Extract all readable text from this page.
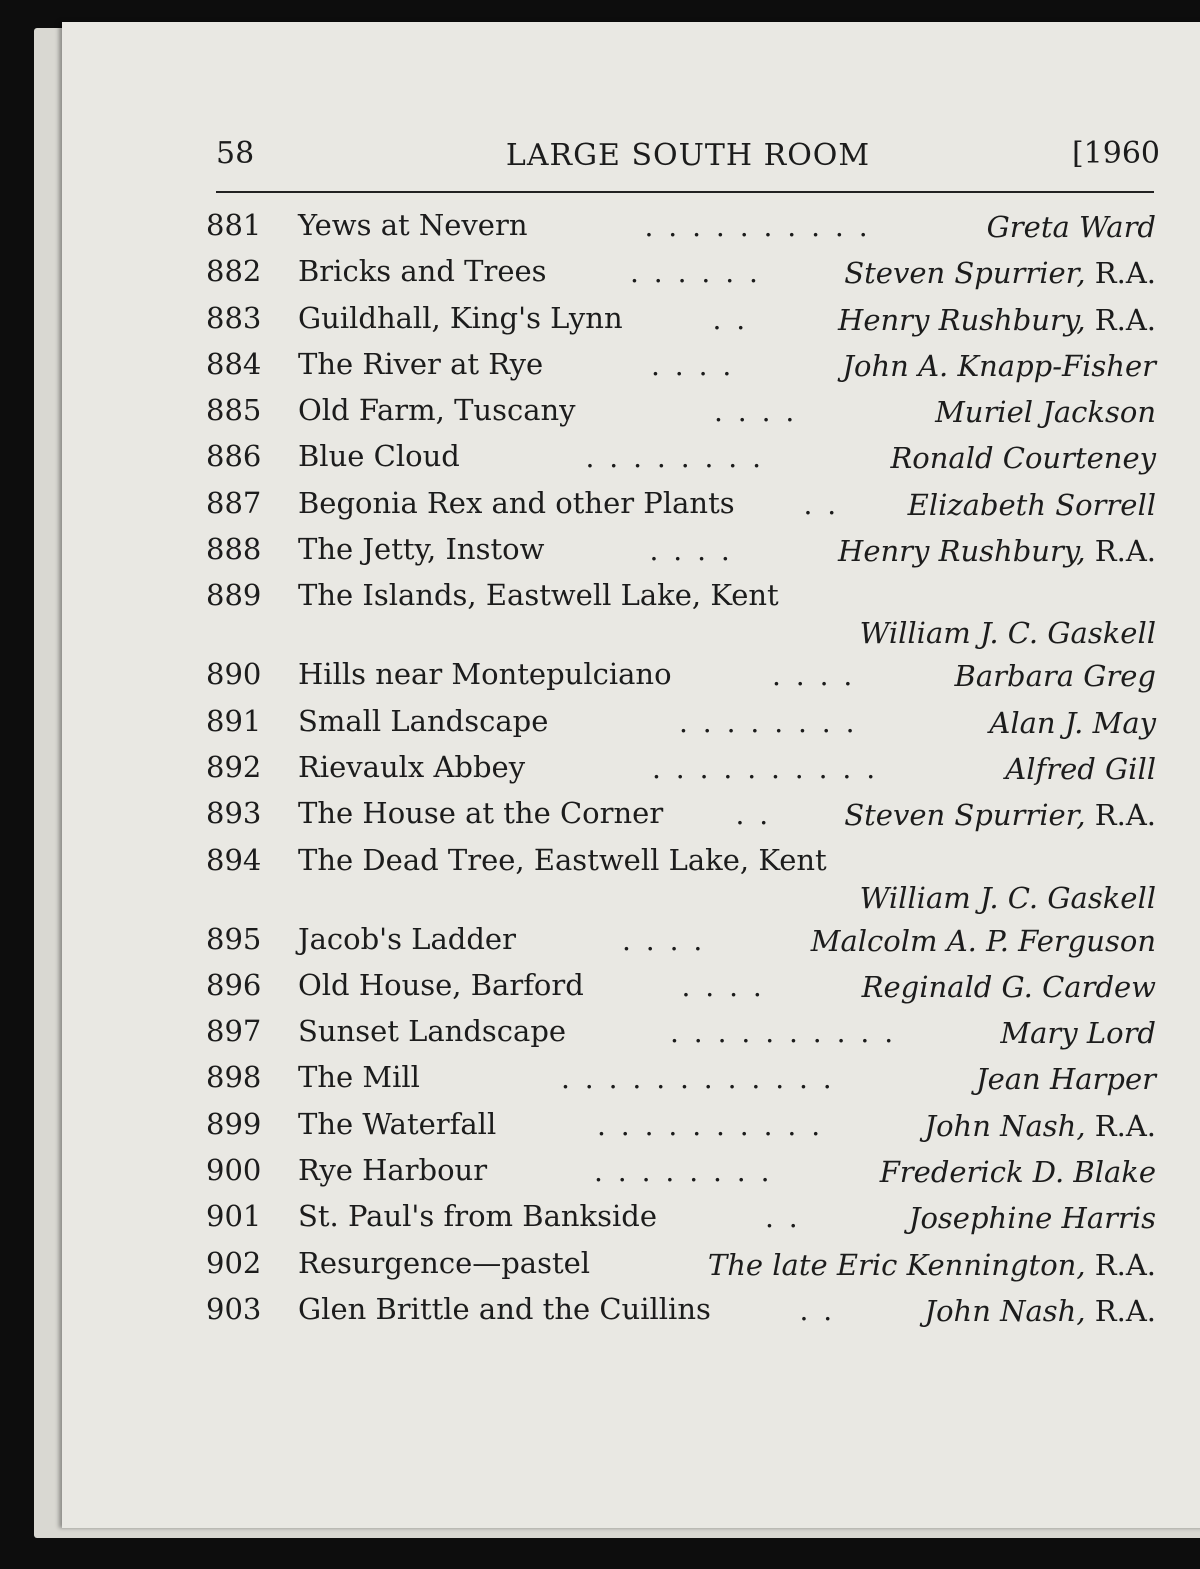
58	LARGE SOUTH ROOM	[1960
881	Yews at Nevern	. . . . . . . . . .	Greta Ward
882	Bricks and Trees	. . . . . .	Steven Spurrier, R.A.
883	Guildhall, King's Lynn	. .	Henry Rushbury, R.A.
884	The River at Rye	. . . .	John A. Knapp-Fisher
885	Old Farm, Tuscany	. . . .	Muriel Jackson
886	Blue Cloud	. . . . . . . .	Ronald Courteney
887	Begonia Rex and other Plants . . Elizabeth Sorrell
888	The Jetty, Instow	. . . .	Henry Rushbury, R.A.
889	The Islands, Eastwell Lake, Kent
William J. C. Gaskell
890	Hills near Montepulciano	. . . .	Barbara Greg
891	Small Landscape	. . . . . . . .	Alan J. May
892	Rievaulx Abbey	. . . . . . . . . .	Alfred Gill
893	The House at the Corner	. .	Steven Spurrier, R.A.
894	The Dead Tree, Eastwell Lake, Kent
William J. C. Gaskell
895	Jacob's Ladder	. . . .	Malcolm A. P. Ferguson
896	Old House, Barford	. . . .	Reginald G. Cardew
897	Sunset Landscape	. . . . . . . . . .	Mary Lord
898	The Mill	. . . . . . . . . . . .	Jean Harper
899	The Waterfall	. . . . . . . . . .	John Nash, R.A.
900	Rye Harbour	. . . . . . . .	Frederick D. Blake
901	St. Paul's from Bankside	. .	Josephine Harris
902	Resurgence—pastel	The late Eric Kennington, R.A.
903	Glen Brittle and the Cuillins	. .	John Nash, R.A.
